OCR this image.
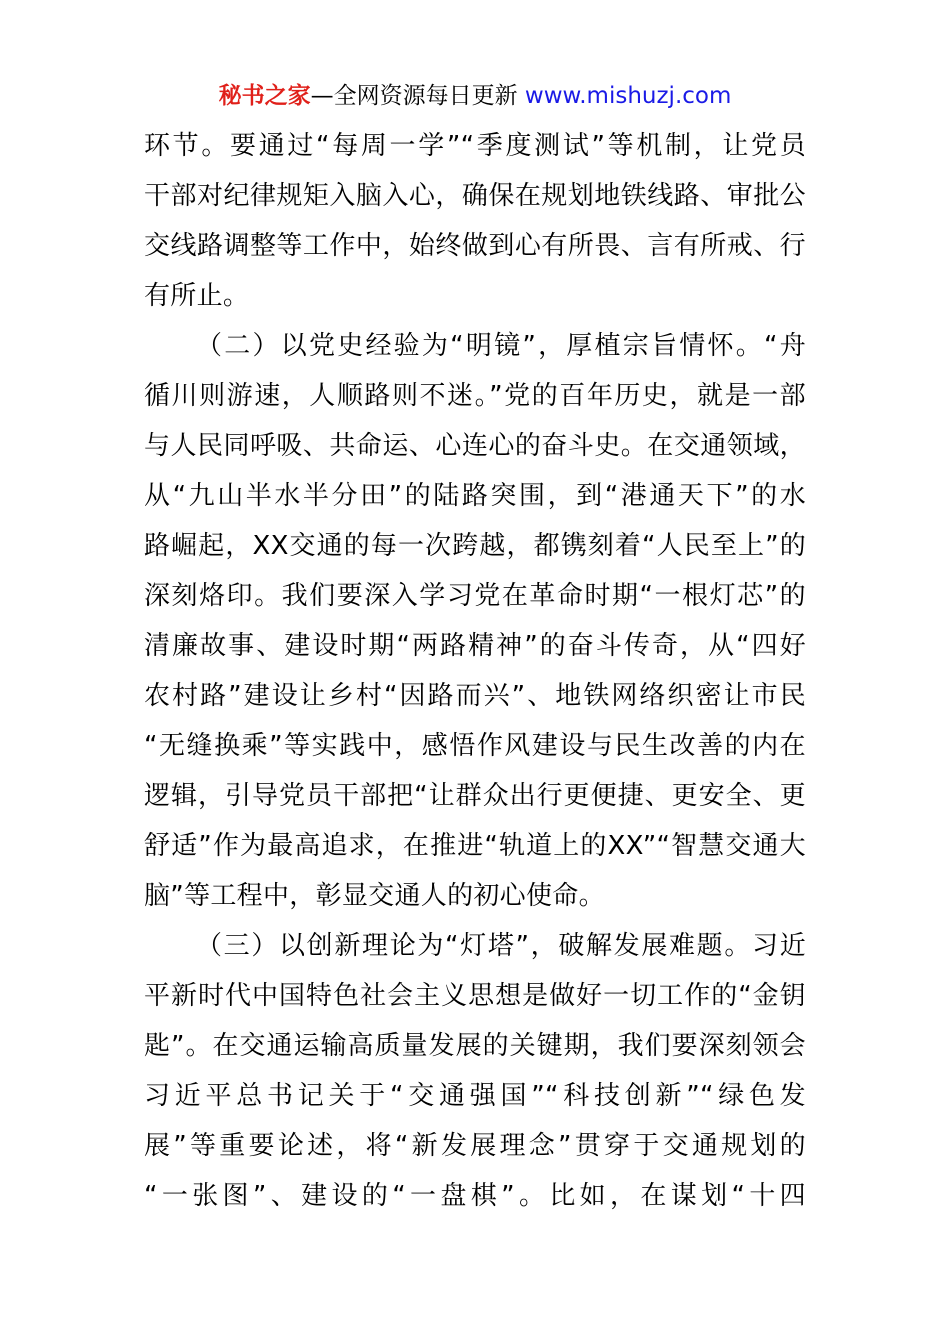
秘书之家—全网资源每日更新 www.mishuzj.com
环节。要通过“每周一学”“季度测试”等机制，让党员
干部对纪律规矩入脑入心，确保在规划地铁线路、审批公
交线路调整等工作中，始终做到心有所畏、言有所戒、行
有所止。
（二）以党史经验为“明镜”，厚植宗旨情怀。“舟
循川则游速，人顺路则不迷。”党的百年历史，就是一部
与人民同呼吸、共命运、心连心的奋斗史。在交通领域，
从“九山半水半分田”的陆路突围，到“港通天下”的水
路崛起，XX交通的每一次跨越，都镌刻着“人民至上”的
深刻烙印。我们要深入学习党在革命时期“一根灯芯”的
清廉故事、建设时期“两路精神”的奋斗传奇，从“四好
农村路”建设让乡村“因路而兴”、地铁网络织密让市民
“无缝换乘”等实践中，感悟作风建设与民生改善的内在
逻辑，引导党员干部把“让群众出行更便捷、更安全、更
舒适”作为最高追求，在推进“轨道上的XX”“智慧交通大
脑”等工程中，彰显交通人的初心使命。
（三）以创新理论为“灯塔”，破解发展难题。习近
平新时代中国特色社会主义思想是做好一切工作的“金钥
匙”。在交通运输高质量发展的关键期，我们要深刻领会
习近平总书记关于“交通强国”“科技创新”“绿色发
展”等重要论述，将“新发展理念”贯穿于交通规划的
“一张图”、建设的“一盘棋”。比如，在谋划“十四
